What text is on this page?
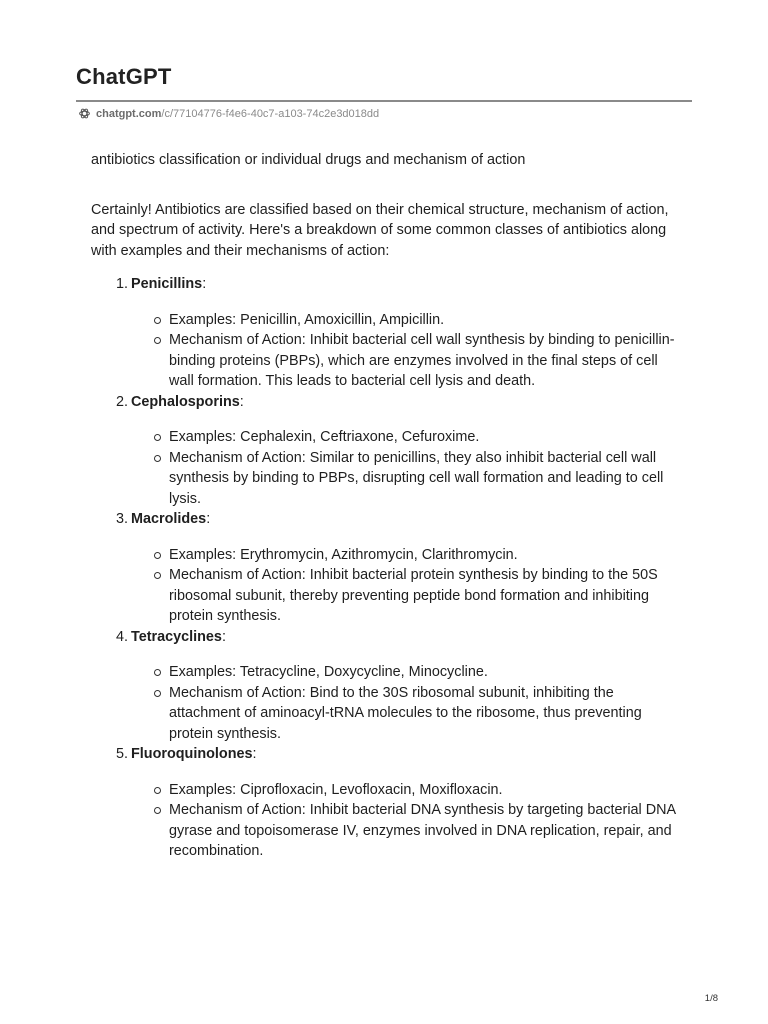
ChatGPT
chatgpt.com /c/77104776-f4e6-40c7-a103-74c2e3d018dd

antibiotics classification or individual drugs and mechanism of action

Certainly! Antibiotics are classified based on their chemical structure, mechanism of action, and spectrum of activity. Here's a breakdown of some common classes of antibiotics along with examples and their mechanisms of action:

1. Penicillins:
Examples: Penicillin, Amoxicillin, Ampicillin.
Mechanism of Action: Inhibit bacterial cell wall synthesis by binding to penicillin-binding proteins (PBPs), which are enzymes involved in the final steps of cell wall formation. This leads to bacterial cell lysis and death.
2. Cephalosporins:
Examples: Cephalexin, Ceftriaxone, Cefuroxime.
Mechanism of Action: Similar to penicillins, they also inhibit bacterial cell wall synthesis by binding to PBPs, disrupting cell wall formation and leading to cell lysis.
3. Macrolides:
Examples: Erythromycin, Azithromycin, Clarithromycin.
Mechanism of Action: Inhibit bacterial protein synthesis by binding to the 50S ribosomal subunit, thereby preventing peptide bond formation and inhibiting protein synthesis.
4. Tetracyclines:
Examples: Tetracycline, Doxycycline, Minocycline.
Mechanism of Action: Bind to the 30S ribosomal subunit, inhibiting the attachment of aminoacyl-tRNA molecules to the ribosome, thus preventing protein synthesis.
5. Fluoroquinolones:
Examples: Ciprofloxacin, Levofloxacin, Moxifloxacin.
Mechanism of Action: Inhibit bacterial DNA synthesis by targeting bacterial DNA gyrase and topoisomerase IV, enzymes involved in DNA replication, repair, and recombination.
1/8
